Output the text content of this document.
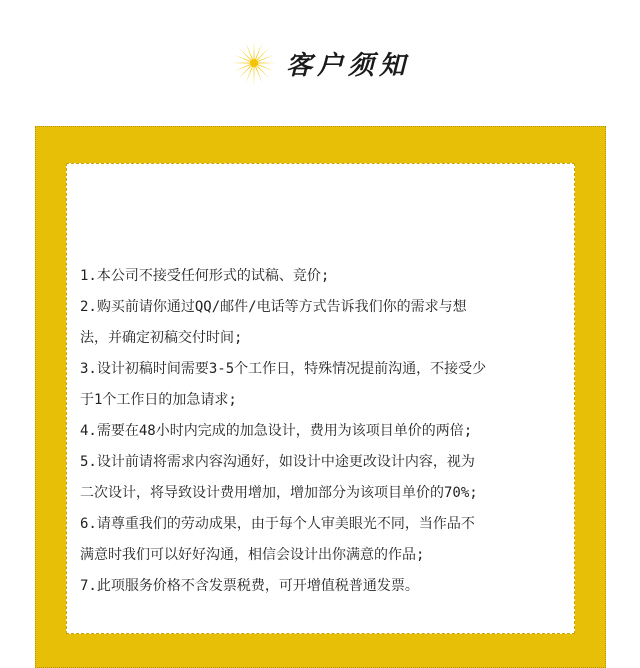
客户须知
1.本公司不接受任何形式的试稿、竞价;
2.购买前请你通过QQ/邮件/电话等方式告诉我们你的需求与想
法，并确定初稿交付时间;
3.设计初稿时间需要3-5个工作日，特殊情况提前沟通，不接受少
于1个工作日的加急请求;
4.需要在48小时内完成的加急设计，费用为该项目单价的两倍;
5.设计前请将需求内容沟通好，如设计中途更改设计内容，视为
二次设计，将导致设计费用增加，增加部分为该项目单价的70%;
6.请尊重我们的劳动成果，由于每个人审美眼光不同，当作品不
满意时我们可以好好沟通，相信会设计出你满意的作品;
7.此项服务价格不含发票税费，可开增值税普通发票。
